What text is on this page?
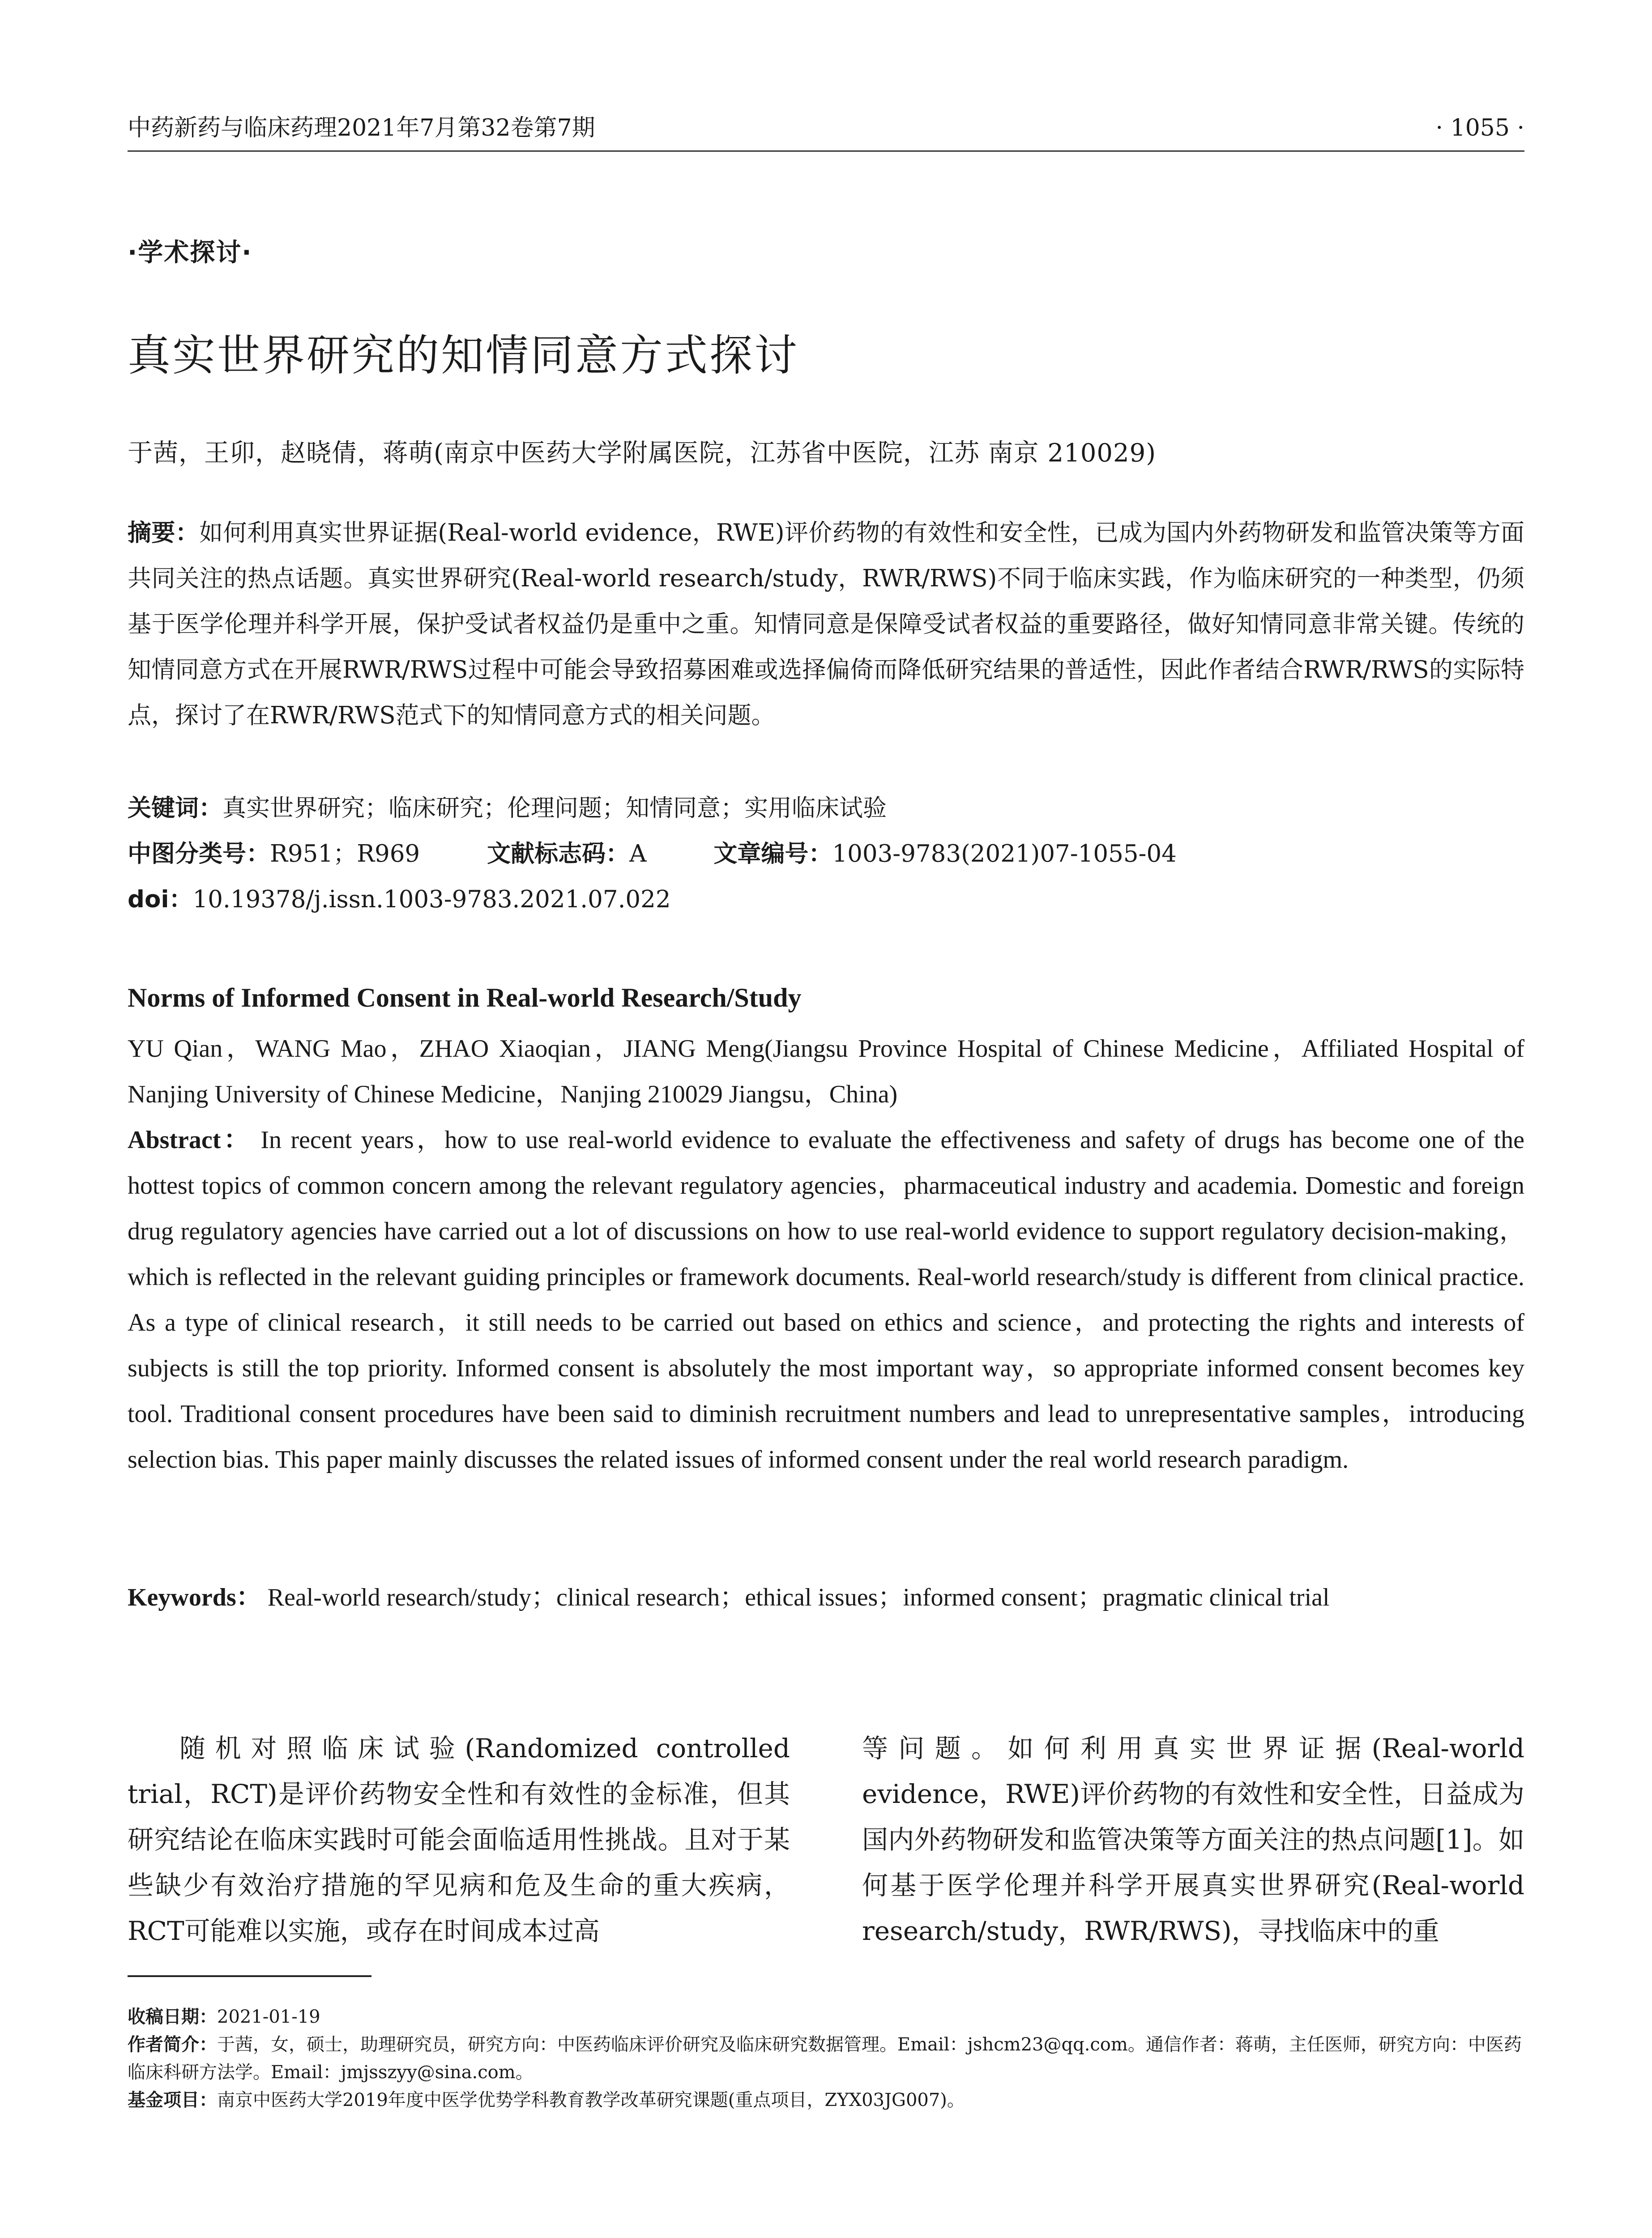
中药新药与临床药理2021年7月第32卷第7期	· 1055 ·
·学术探讨·
真实世界研究的知情同意方式探讨
于茜，王卯，赵晓倩，蒋萌(南京中医药大学附属医院，江苏省中医院，江苏 南京 210029)
摘要：如何利用真实世界证据(Real-world evidence，RWE)评价药物的有效性和安全性，已成为国内外药物研发和监管决策等方面共同关注的热点话题。真实世界研究(Real-world research/study，RWR/RWS)不同于临床实践，作为临床研究的一种类型，仍须基于医学伦理并科学开展，保护受试者权益仍是重中之重。知情同意是保障受试者权益的重要路径，做好知情同意非常关键。传统的知情同意方式在开展RWR/RWS过程中可能会导致招募困难或选择偏倚而降低研究结果的普适性，因此作者结合RWR/RWS的实际特点，探讨了在RWR/RWS范式下的知情同意方式的相关问题。
关键词：真实世界研究；临床研究；伦理问题；知情同意；实用临床试验
中图分类号：R951；R969	文献标志码：A	文章编号：1003-9783(2021)07-1055-04
doi：10.19378/j.issn.1003-9783.2021.07.022
Norms of Informed Consent in Real-world Research/Study
YU Qian，WANG Mao，ZHAO Xiaoqian，JIANG Meng(Jiangsu Province Hospital of Chinese Medicine，Affiliated Hospital of Nanjing University of Chinese Medicine，Nanjing 210029 Jiangsu，China)
Abstract： In recent years，how to use real-world evidence to evaluate the effectiveness and safety of drugs has become one of the hottest topics of common concern among the relevant regulatory agencies，pharmaceutical industry and academia. Domestic and foreign drug regulatory agencies have carried out a lot of discussions on how to use real-world evidence to support regulatory decision-making，which is reflected in the relevant guiding principles or framework documents. Real-world research/study is different from clinical practice. As a type of clinical research，it still needs to be carried out based on ethics and science，and protecting the rights and interests of subjects is still the top priority. Informed consent is absolutely the most important way，so appropriate informed consent becomes key tool. Traditional consent procedures have been said to diminish recruitment numbers and lead to unrepresentative samples，introducing selection bias. This paper mainly discusses the related issues of informed consent under the real world research paradigm.
Keywords： Real-world research/study；clinical research；ethical issues；informed consent；pragmatic clinical trial

随机对照临床试验(Randomized controlled trial，RCT)是评价药物安全性和有效性的金标准，但其研究结论在临床实践时可能会面临适用性挑战。且对于某些缺少有效治疗措施的罕见病和危及生命的重大疾病，RCT可能难以实施，或存在时间成本过高

等问题。如何利用真实世界证据(Real-world evidence，RWE)评价药物的有效性和安全性，日益成为国内外药物研发和监管决策等方面关注的热点问题[1]。如何基于医学伦理并科学开展真实世界研究(Real-world research/study，RWR/RWS)，寻找临床中的重

收稿日期：2021-01-19

作者简介：于茜，女，硕士，助理研究员，研究方向：中医药临床评价研究及临床研究数据管理。Email：jshcm23@qq.com。通信作者：蒋萌，主任医师，研究方向：中医药临床科研方法学。Email：jmjsszyy@sina.com。

基金项目：南京中医药大学2019年度中医学优势学科教育教学改革研究课题(重点项目，ZYX03JG007)。
